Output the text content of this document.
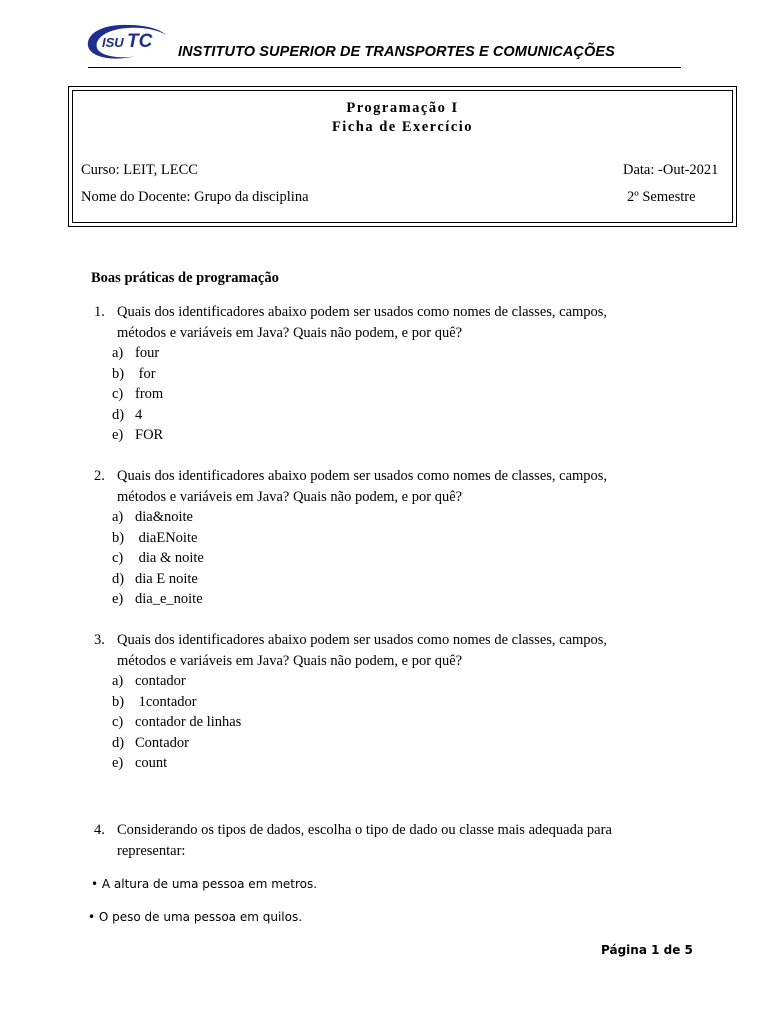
ISU TC INSTITUTO SUPERIOR DE TRANSPORTES E COMUNICAÇÕES
Programação I
Ficha de Exercício
Curso: LEIT, LECC	Data: -Out-2021
Nome do Docente: Grupo da disciplina	2º Semestre
Boas práticas de programação
1. Quais dos identificadores abaixo podem ser usados como nomes de classes, campos,
métodos e variáveis em Java? Quais não podem, e por quê?
a) four
b) for
c) from
d) 4
e) FOR
2. Quais dos identificadores abaixo podem ser usados como nomes de classes, campos,
métodos e variáveis em Java? Quais não podem, e por quê?
a) dia&noite
b) diaENoite
c) dia & noite
d) dia E noite
e) dia_e_noite
3. Quais dos identificadores abaixo podem ser usados como nomes de classes, campos,
métodos e variáveis em Java? Quais não podem, e por quê?
a) contador
b) 1contador
c) contador de linhas
d) Contador
e) count
4. Considerando os tipos de dados, escolha o tipo de dado ou classe mais adequada para
representar:
• A altura de uma pessoa em metros.
• O peso de uma pessoa em quilos.
Página 1 de 5
